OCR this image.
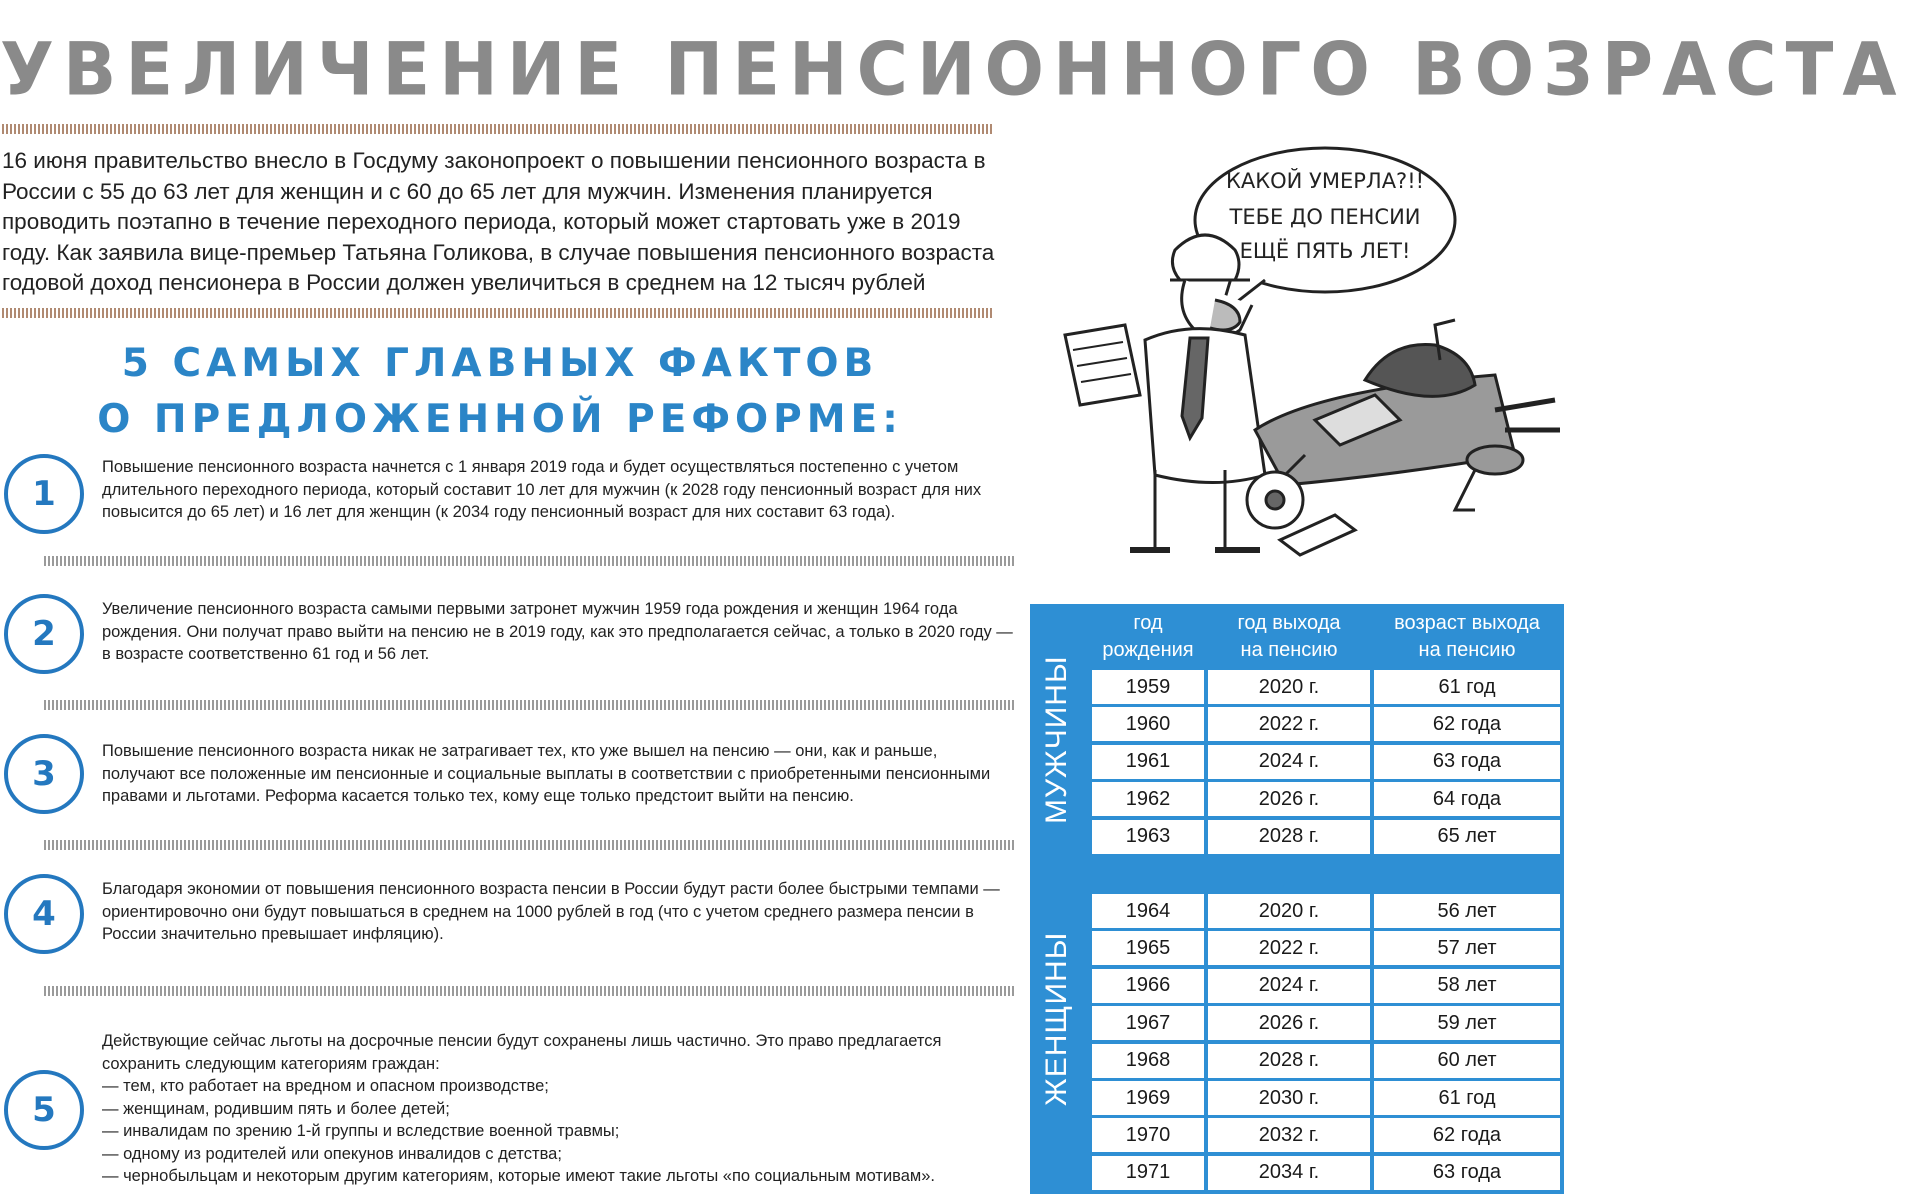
УВЕЛИЧЕНИЕ ПЕНСИОННОГО ВОЗРАСТА
16 июня правительство внесло в Госдуму законопроект о повышении пенсионного возраста в России с 55 до 63 лет для женщин и с 60 до 65 лет для мужчин. Изменения планируется проводить поэтапно в течение переходного периода, который может стартовать уже в 2019 году. Как заявила вице-премьер Татьяна Голикова, в случае повышения пенсионного возраста годовой доход пенсионера в России должен увеличиться в среднем на 12 тысяч рублей
5 САМЫХ ГЛАВНЫХ ФАКТОВ
О ПРЕДЛОЖЕННОЙ РЕФОРМЕ:
1

Повышение пенсионного возраста начнется с 1 января 2019 года и будет осуществляться постепенно с учетом длительного переходного периода, который составит 10 лет для мужчин (к 2028 году пенсионный возраст для них повысится до 65 лет) и 16 лет для женщин (к 2034 году пенсионный возраст для них составит 63 года).

2

Увеличение пенсионного возраста самыми первыми затронет мужчин 1959 года рождения и женщин 1964 года рождения. Они получат право выйти на пенсию не в 2019 году, как это предполагается сейчас, а только в 2020 году — в возрасте соответственно 61 год и 56 лет.

3

Повышение пенсионного возраста никак не затрагивает тех, кто уже вышел на пенсию — они, как и раньше, получают все положенные им пенсионные и социальные выплаты в соответствии с приобретенными пенсионными правами и льготами. Реформа касается только тех, кому еще только предстоит выйти на пенсию.

4

Благодаря экономии от повышения пенсионного возраста пенсии в России будут расти более быстрыми темпами — ориентировочно они будут повышаться в среднем на 1000 рублей в год (что с учетом среднего размера пенсии в России значительно превышает инфляцию).

5

Действующие сейчас льготы на досрочные пенсии будут сохранены лишь частично. Это право предлагается сохранить следующим категориям граждан:

— тем, кто работает на вредном и опасном производстве;

— женщинам, родившим пять и более детей;

— инвалидам по зрению 1-й группы и вследствие военной травмы;

— одному из родителей или опекунов инвалидов с детства;

— чернобыльцам и некоторым другим категориям, которые имеют такие льготы «по социальным мотивам».

КАКОЙ УМЕРЛА?!!
ТЕБЕ ДО ПЕНСИИ
ЕЩЁ ПЯТЬ ЛЕТ!
год
рождения
год выхода
на пенсию
возраст выхода
на пенсию
МУЖЧИНЫ
ЖЕНЩИНЫ
1959	2020 г.	61 год
1960	2022 г.	62 года
1961	2024 г.	63 года
1962	2026 г.	64 года
1963	2028 г.	65 лет
1964	2020 г.	56 лет
1965	2022 г.	57 лет
1966	2024 г.	58 лет
1967	2026 г.	59 лет
1968	2028 г.	60 лет
1969	2030 г.	61 год
1970	2032 г.	62 года
1971	2034 г.	63 года
